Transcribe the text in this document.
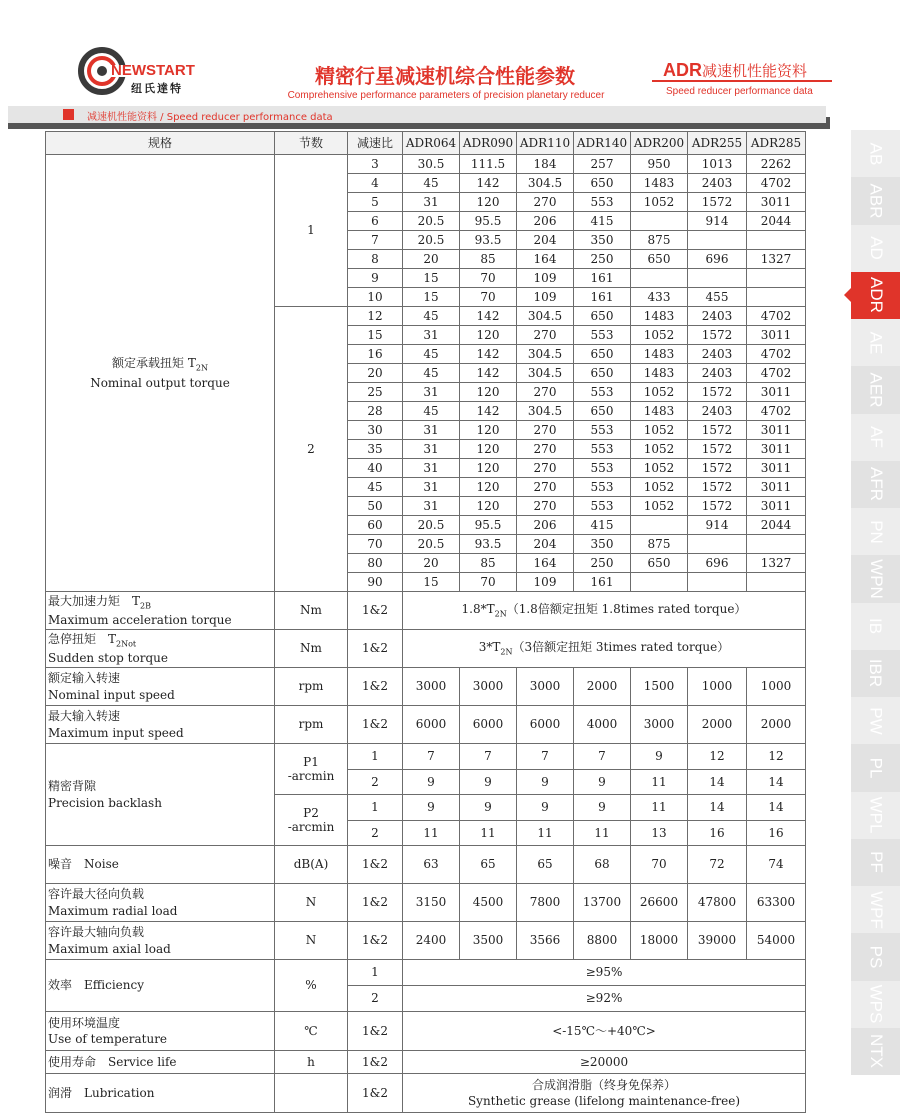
NEWSTART
纽氏達特
精密行星减速机综合性能参数
Comprehensive performance parameters of precision planetary reducer
ADR减速机性能资料
Speed reducer performance data
减速机性能资料 / Speed reducer performance data
AB
ABR
AD
ADR
AE
AER
AF
AFR
PN
WPN
IB
IBR
PW
PL
WPL
PF
WPF
PS
WPS
NTX
规格	节数	减速比	ADR064	ADR090	ADR110	ADR140	ADR200	ADR255	ADR285

额定承载扭矩 $T_{2N}$
Nominal output torque	1	3	30.5	111.5	184	257	950	1013	2262
		4	45	142	304.5	650	1483	2403	4702
		5	31	120	270	553	1052	1572	3011
		6	20.5	95.5	206	415		914	2044
		7	20.5	93.5	204	350	875		
		8	20	85	164	250	650	696	1327
		9	15	70	109	161			
		10	15	70	109	161	433	455	
	2	12	45	142	304.5	650	1483	2403	4702
		15	31	120	270	553	1052	1572	3011
		16	45	142	304.5	650	1483	2403	4702
		20	45	142	304.5	650	1483	2403	4702
		25	31	120	270	553	1052	1572	3011
		28	45	142	304.5	650	1483	2403	4702
		30	31	120	270	553	1052	1572	3011
		35	31	120	270	553	1052	1572	3011
		40	31	120	270	553	1052	1572	3011
		45	31	120	270	553	1052	1572	3011
		50	31	120	270	553	1052	1572	3011
		60	20.5	95.5	206	415		914	2044
		70	20.5	93.5	204	350	875		
		80	20	85	164	250	650	696	1327
		90	15	70	109	161			

最大加速力矩　$T_{2B}$
Maximum acceleration torque	Nm	1&2	$1.8*T_{2N}(1.8$倍额定扭矩 1.8times rated torque）						

急停扭矩　$T_{2Not}$
Sudden stop torque	Nm	1&2	$3*T_{2N}(3$倍额定扭矩 3times rated torque）						

额定输入转速
Nominal input speed	rpm	1&2	3000	3000	3000	2000	1500	1000	1000

最大输入转速
Maximum input speed	rpm	1&2	6000	6000	6000	4000	3000	2000	2000

精密背隙
Precision backlash	P1
-arcmin	1	7	7	7	7	9	12	12
		2	9	9	9	9	11	14	14

	P2
-arcmin	1	9	9	9	9	11	14	14
		2	11	11	11	11	13	16	16
噪音　Noise	dB(A)	1&2	63	65	65	68	70	72	74

容许最大径向负载
Maximum radial load	N	1&2	3150	4500	7800	13700	26600	47800	63300

容许最大轴向负载
Maximum axial load	N	1&2	2400	3500	3566	8800	18000	39000	54000
效率　Efficiency	%	1	≥95%						
		2	≥92%						

使用环境温度
Use of temperature	℃	1&2	<-15℃～+40℃>						
使用寿命　Service life	h	1&2	≥20000						
润滑　Lubrication		1&2	合成润滑脂（终身免保养）
Synthetic grease (lifelong maintenance-free)						
